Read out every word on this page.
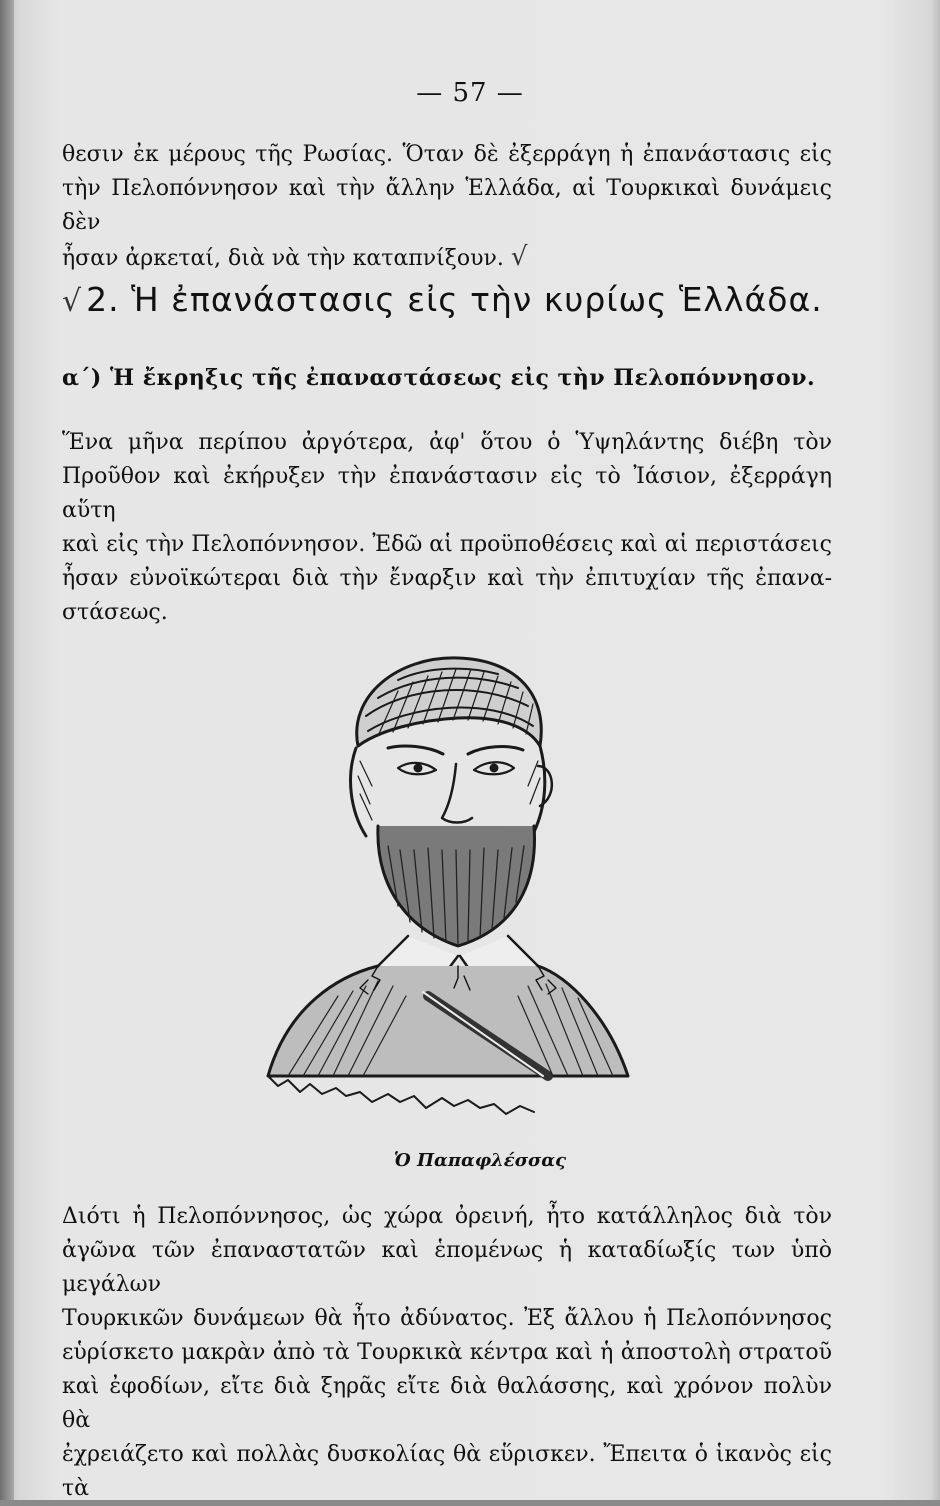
— 57 —
θεσιν ἐκ μέρους τῆς Ρωσίας. Ὅταν δὲ ἐξερράγη ἡ ἐπανάστασις εἰς
τὴν Πελοπόννησον καὶ τὴν ἄλλην Ἑλλάδα, αἱ Τουρκικαὶ δυνάμεις δὲν
ἦσαν ἀρκεταί, διὰ νὰ τὴν καταπνίξουν. √
√ 2. Ἡ ἐπανάστασις εἰς τὴν κυρίως Ἑλλάδα.
α΄) Ἡ ἔκρηξις τῆς ἐπαναστάσεως εἰς τὴν Πελοπόννησον.
Ἕνα μῆνα περίπου ἀργότερα, ἀφ' ὅτου ὁ Ὑψηλάντης διέβη τὸν
Προῦθον καὶ ἐκήρυξεν τὴν ἐπανάστασιν εἰς τὸ Ἰάσιον, ἐξερράγη αὕτη
καὶ εἰς τὴν Πελοπόννησον. Ἐδῶ αἱ προϋποθέσεις καὶ αἱ περιστάσεις
ἦσαν εὐνοϊκώτεραι διὰ τὴν ἔναρξιν καὶ τὴν ἐπιτυχίαν τῆς ἐπανα-
στάσεως.
Ὁ Παπαφλέσσας
Διότι ἡ Πελοπόννησος, ὡς χώρα ὀρεινή, ἦτο κατάλληλος διὰ τὸν
ἀγῶνα τῶν ἐπαναστατῶν καὶ ἑπομένως ἡ καταδίωξίς των ὑπὸ μεγάλων
Τουρκικῶν δυνάμεων θὰ ἦτο ἀδύνατος. Ἐξ ἄλλου ἡ Πελοπόννησος
εὑρίσκετο μακρὰν ἀπὸ τὰ Τουρκικὰ κέντρα καὶ ἡ ἀποστολὴ στρατοῦ
καὶ ἐφοδίων, εἴτε διὰ ξηρᾶς εἴτε διὰ θαλάσσης, καὶ χρόνον πολὺν θὰ
ἐχρειάζετο καὶ πολλὰς δυσκολίας θὰ εὕρισκεν. Ἔπειτα ὁ ἱκανὸς εἰς τὰ
